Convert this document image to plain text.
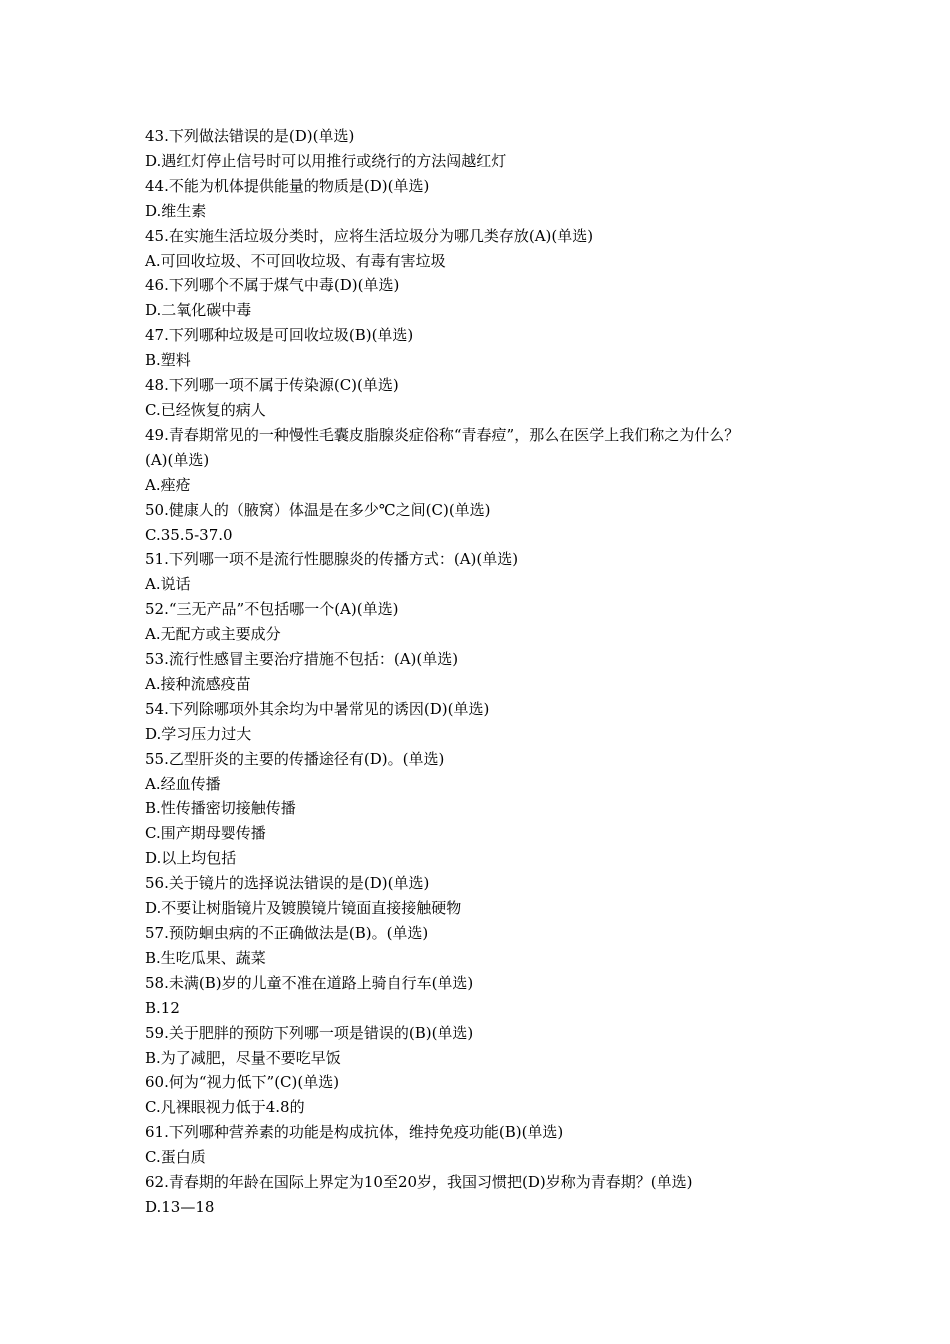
43.下列做法错误的是(D)(单选)

D.遇红灯停止信号时可以用推行或绕行的方法闯越红灯

44.不能为机体提供能量的物质是(D)(单选)

D.维生素

45.在实施生活垃圾分类时，应将生活垃圾分为哪几类存放(A)(单选)

A.可回收垃圾、不可回收垃圾、有毒有害垃圾

46.下列哪个不属于煤气中毒(D)(单选)

D.二氧化碳中毒

47.下列哪种垃圾是可回收垃圾(B)(单选)

B.塑料

48.下列哪一项不属于传染源(C)(单选)

C.已经恢复的病人

49.青春期常见的一种慢性毛囊皮脂腺炎症俗称“青春痘”，那么在医学上我们称之为什么？

(A)(单选)

A.痤疮

50.健康人的（腋窝）体温是在多少℃之间(C)(单选)

C.35.5-37.0

51.下列哪一项不是流行性腮腺炎的传播方式：(A)(单选)

A.说话

52.“三无产品”不包括哪一个(A)(单选)

A.无配方或主要成分

53.流行性感冒主要治疗措施不包括：(A)(单选)

A.接种流感疫苗

54.下列除哪项外其余均为中暑常见的诱因(D)(单选)

D.学习压力过大

55.乙型肝炎的主要的传播途径有(D)。(单选)

A.经血传播

B.性传播密切接触传播

C.围产期母婴传播

D.以上均包括

56.关于镜片的选择说法错误的是(D)(单选)

D.不要让树脂镜片及镀膜镜片镜面直接接触硬物

57.预防蛔虫病的不正确做法是(B)。(单选)

B.生吃瓜果、蔬菜

58.未满(B)岁的儿童不准在道路上骑自行车(单选)

B.12

59.关于肥胖的预防下列哪一项是错误的(B)(单选)

B.为了减肥，尽量不要吃早饭

60.何为“视力低下”(C)(单选)

C.凡裸眼视力低于4.8的

61.下列哪种营养素的功能是构成抗体，维持免疫功能(B)(单选)

C.蛋白质

62.青春期的年龄在国际上界定为10至20岁，我国习惯把(D)岁称为青春期？(单选)

D.13—18
